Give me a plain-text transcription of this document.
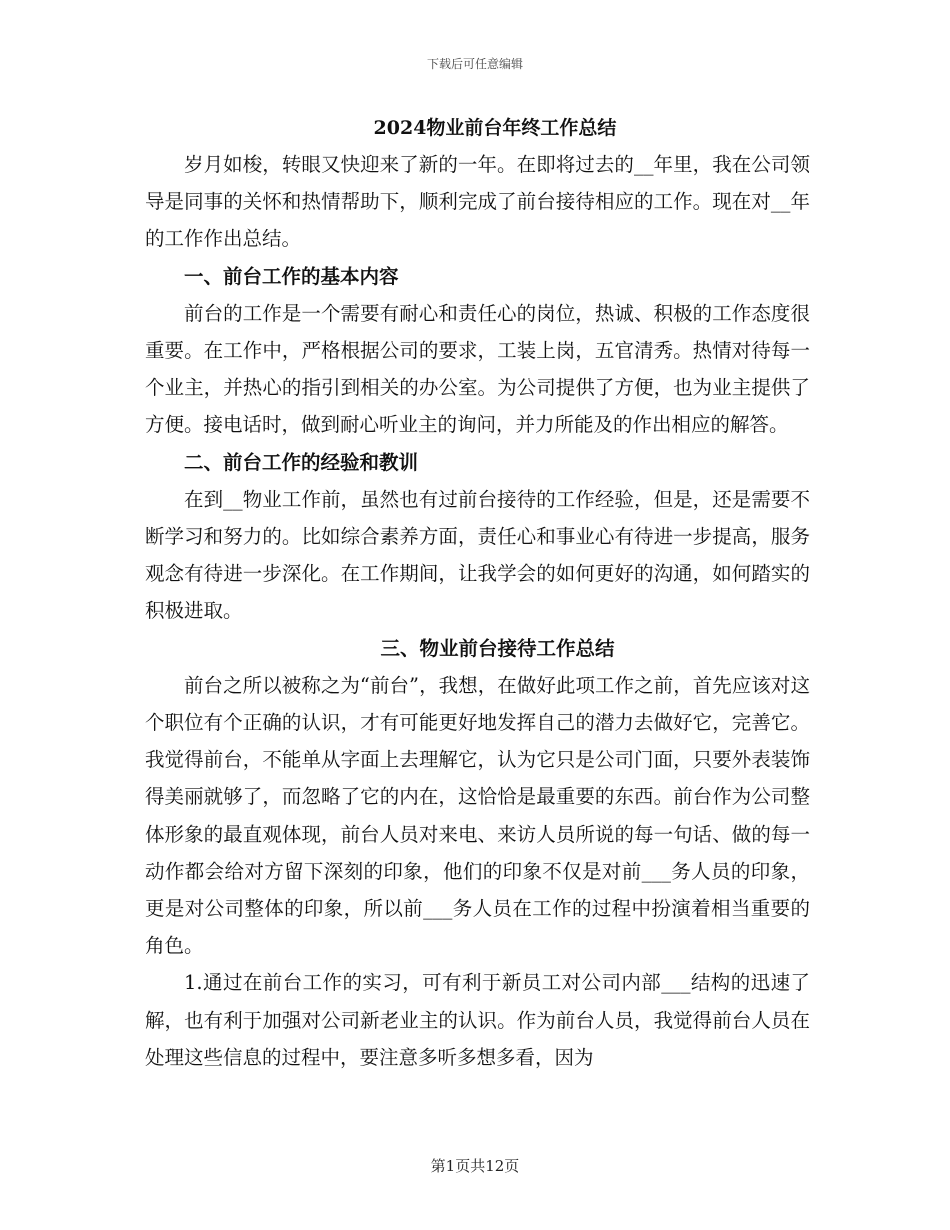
下载后可任意编辑
2024物业前台年终工作总结

岁月如梭，转眼又快迎来了新的一年。在即将过去的__年里，我在公司领导是同事的关怀和热情帮助下，顺利完成了前台接待相应的工作。现在对__年的工作作出总结。

一、前台工作的基本内容

前台的工作是一个需要有耐心和责任心的岗位，热诚、积极的工作态度很重要。在工作中，严格根据公司的要求，工装上岗，五官清秀。热情对待每一个业主，并热心的指引到相关的办公室。为公司提供了方便，也为业主提供了方便。接电话时，做到耐心听业主的询问，并力所能及的作出相应的解答。

二、前台工作的经验和教训

在到__物业工作前，虽然也有过前台接待的工作经验，但是，还是需要不断学习和努力的。比如综合素养方面，责任心和事业心有待进一步提高，服务观念有待进一步深化。在工作期间，让我学会的如何更好的沟通，如何踏实的积极进取。

三、物业前台接待工作总结

前台之所以被称之为“前台”，我想，在做好此项工作之前，首先应该对这个职位有个正确的认识，才有可能更好地发挥自己的潜力去做好它，完善它。我觉得前台，不能单从字面上去理解它，认为它只是公司门面，只要外表装饰得美丽就够了，而忽略了它的内在，这恰恰是最重要的东西。前台作为公司整体形象的最直观体现，前台人员对来电、来访人员所说的每一句话、做的每一动作都会给对方留下深刻的印象，他们的印象不仅是对前___务人员的印象，更是对公司整体的印象，所以前___务人员在工作的过程中扮演着相当重要的角色。

1.通过在前台工作的实习，可有利于新员工对公司内部___结构的迅速了解，也有利于加强对公司新老业主的认识。作为前台人员，我觉得前台人员在处理这些信息的过程中，要注意多听多想多看，因为

第1页共12页
